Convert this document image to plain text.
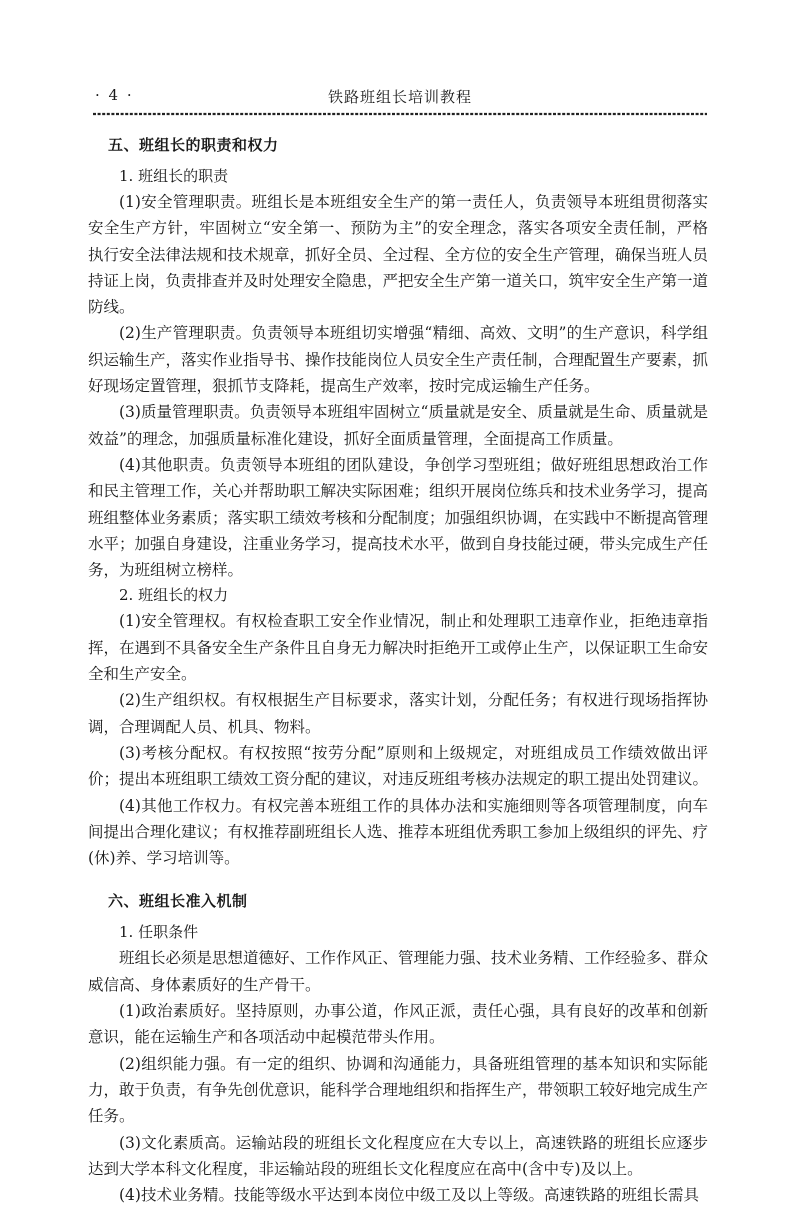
· 4 ·	铁路班组长培训教程
五、班组长的职责和权力
1. 班组长的职责

(1)安全管理职责。班组长是本班组安全生产的第一责任人，负责领导本班组贯彻落实安全生产方针，牢固树立“安全第一、预防为主”的安全理念，落实各项安全责任制，严格执行安全法律法规和技术规章，抓好全员、全过程、全方位的安全生产管理，确保当班人员持证上岗，负责排查并及时处理安全隐患，严把安全生产第一道关口，筑牢安全生产第一道防线。

(2)生产管理职责。负责领导本班组切实增强“精细、高效、文明”的生产意识，科学组织运输生产，落实作业指导书、操作技能岗位人员安全生产责任制，合理配置生产要素，抓好现场定置管理，狠抓节支降耗，提高生产效率，按时完成运输生产任务。

(3)质量管理职责。负责领导本班组牢固树立“质量就是安全、质量就是生命、质量就是效益”的理念，加强质量标准化建设，抓好全面质量管理，全面提高工作质量。

(4)其他职责。负责领导本班组的团队建设，争创学习型班组；做好班组思想政治工作和民主管理工作，关心并帮助职工解决实际困难；组织开展岗位练兵和技术业务学习，提高班组整体业务素质；落实职工绩效考核和分配制度；加强组织协调，在实践中不断提高管理水平；加强自身建设，注重业务学习，提高技术水平，做到自身技能过硬，带头完成生产任务，为班组树立榜样。

2. 班组长的权力

(1)安全管理权。有权检查职工安全作业情况，制止和处理职工违章作业，拒绝违章指挥，在遇到不具备安全生产条件且自身无力解决时拒绝开工或停止生产，以保证职工生命安全和生产安全。

(2)生产组织权。有权根据生产目标要求，落实计划，分配任务；有权进行现场指挥协调，合理调配人员、机具、物料。

(3)考核分配权。有权按照“按劳分配”原则和上级规定，对班组成员工作绩效做出评价；提出本班组职工绩效工资分配的建议，对违反班组考核办法规定的职工提出处罚建议。

(4)其他工作权力。有权完善本班组工作的具体办法和实施细则等各项管理制度，向车间提出合理化建议；有权推荐副班组长人选、推荐本班组优秀职工参加上级组织的评先、疗(休)养、学习培训等。

六、班组长准入机制
1. 任职条件

班组长必须是思想道德好、工作作风正、管理能力强、技术业务精、工作经验多、群众威信高、身体素质好的生产骨干。

(1)政治素质好。坚持原则，办事公道，作风正派，责任心强，具有良好的改革和创新意识，能在运输生产和各项活动中起模范带头作用。

(2)组织能力强。有一定的组织、协调和沟通能力，具备班组管理的基本知识和实际能力，敢于负责，有争先创优意识，能科学合理地组织和指挥生产，带领职工较好地完成生产任务。

(3)文化素质高。运输站段的班组长文化程度应在大专以上，高速铁路的班组长应逐步达到大学本科文化程度，非运输站段的班组长文化程度应在高中(含中专)及以上。

(4)技术业务精。技能等级水平达到本岗位中级工及以上等级。高速铁路的班组长需具
